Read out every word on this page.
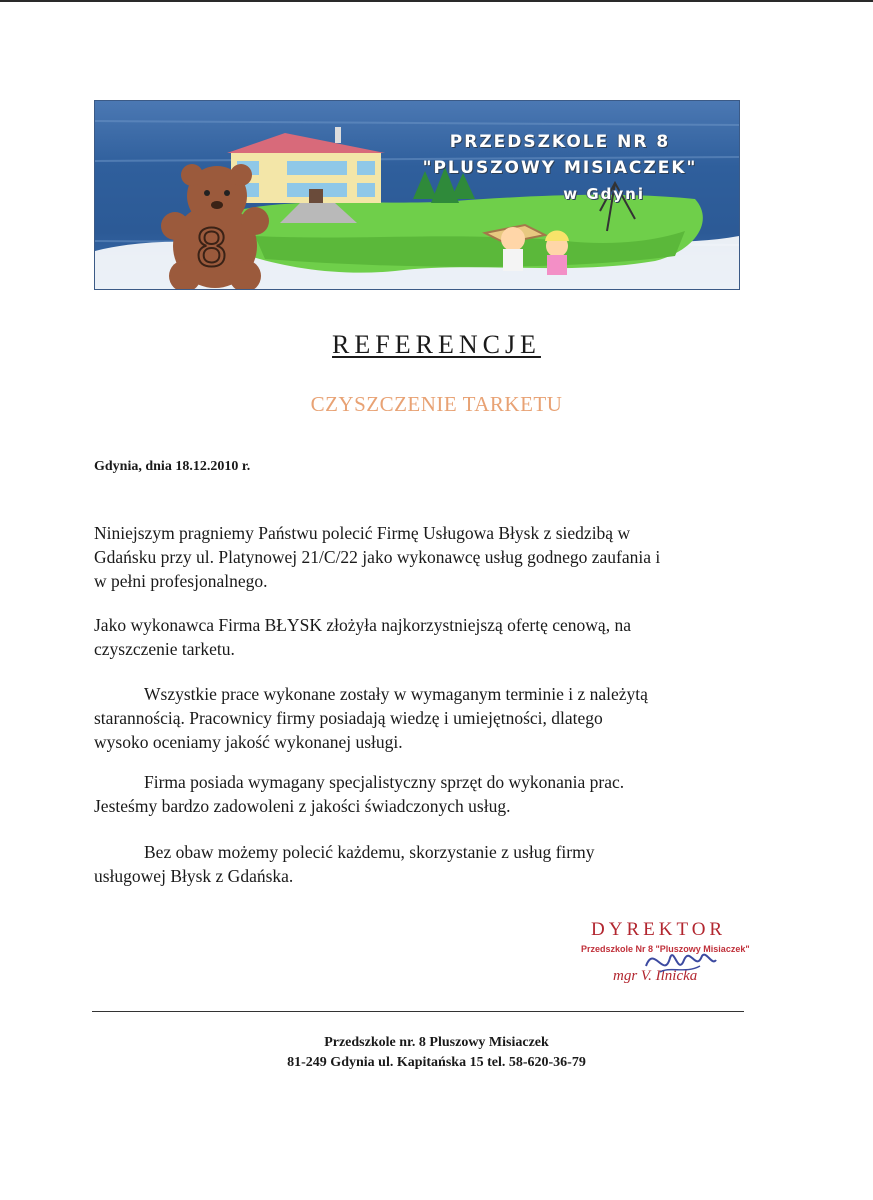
8
PRZEDSZKOLE NR 8
"PLUSZOWY MISIACZEK"
w Gdyni
REFERENCJE
CZYSZCZENIE TARKETU
Gdynia, dnia 18.12.2010 r.
Niniejszym pragniemy Państwu polecić Firmę Usługowa Błysk z siedzibą w
Gdańsku przy ul. Platynowej 21/C/22 jako wykonawcę usług godnego zaufania i
w pełni profesjonalnego.
Jako wykonawca Firma BŁYSK złożyła najkorzystniejszą ofertę cenową, na
czyszczenie tarketu.
Wszystkie prace wykonane zostały w wymaganym terminie i z należytą
starannością. Pracownicy firmy posiadają wiedzę i umiejętności, dlatego
wysoko oceniamy jakość wykonanej usługi.
Firma posiada wymagany specjalistyczny sprzęt do wykonania prac.
Jesteśmy bardzo zadowoleni z jakości świadczonych usług.
Bez obaw możemy polecić każdemu, skorzystanie z usług firmy
usługowej Błysk z Gdańska.
DYREKTOR
Przedszkole Nr 8 "Pluszowy Misiaczek"
mgr V. Ilnicka
Przedszkole nr. 8 Pluszowy Misiaczek
81-249 Gdynia ul. Kapitańska 15 tel. 58-620-36-79
